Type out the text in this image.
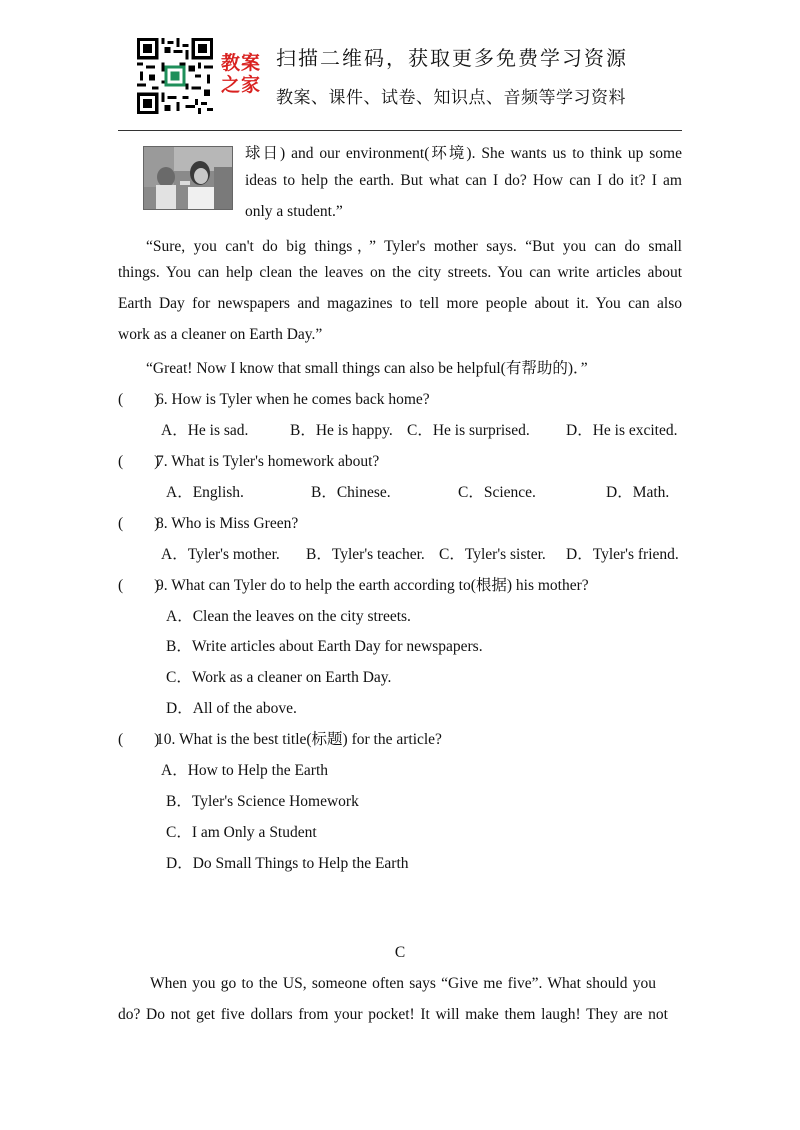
教案
之家
扫描二维码，获取更多免费学习资源
教案、课件、试卷、知识点、音频等学习资料
球日) and our environment(环境). She wants us to think up some
ideas to help the earth. But what can I do? How can I do it? I am
only a student.”
“Sure, you can't do big things，” Tyler's mother says. “But you can do small
things. You can help clean the leaves on the city streets. You can write articles about
Earth Day for newspapers and magazines to tell more people about it. You can also
work as a cleaner on Earth Day.”
“Great! Now I know that small things can also be helpful(有帮助的)．”
(　　)6. How is Tyler when he comes back home?
A．He is sad.	B．He is happy. C．He is surprised. D．He is excited.
(　　)7. What is Tyler's homework about?
A．English.	B．Chinese.	C．Science.	D．Math.
(　　)8. Who is Miss Green?
A．Tyler's mother. B．Tyler's teacher. C．Tyler's sister. D．Tyler's friend.
(　　)9. What can Tyler do to help the earth according to(根据) his mother?
A．Clean the leaves on the city streets.
B．Write articles about Earth Day for newspapers.
C．Work as a cleaner on Earth Day.
D．All of the above.
(　　)10. What is the best title(标题) for the article?
A．How to Help the Earth
B．Tyler's Science Homework
C．I am Only a Student
D．Do Small Things to Help the Earth
C
When you go to the US, someone often says “Give me five”. What should you
do? Do not get five dollars from your pocket! It will make them laugh! They are not
